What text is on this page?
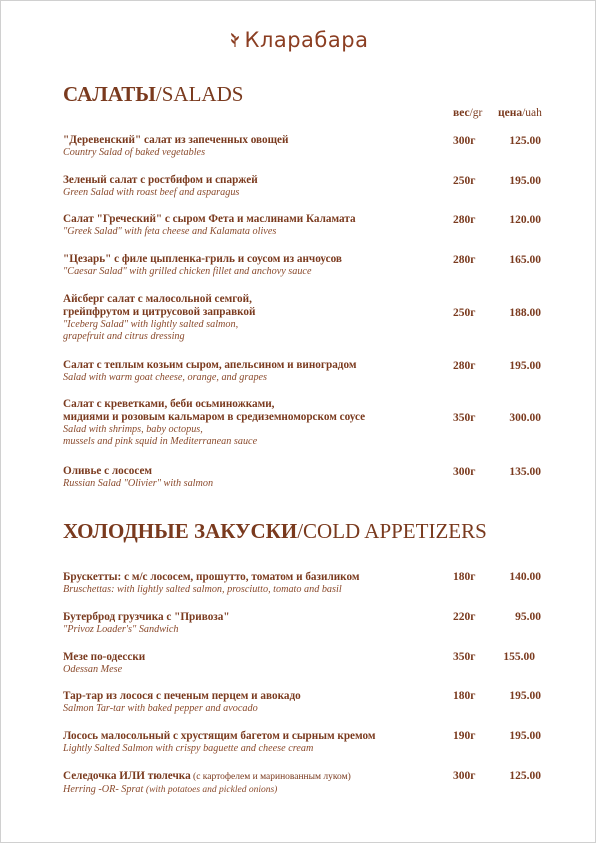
Кларабара
САЛАТЫ/SALADS
вес/gr цена/uah
"Деревенский" салат из запеченных овощей
Country Salad of baked vegetables
300г	125.00
Зеленый салат с ростбифом и спаржей
Green Salad with roast beef and asparagus
250г	195.00
Салат "Греческий" с сыром Фета и маслинами Каламата
"Greek Salad" with feta cheese and Kalamata olives
280г	120.00
"Цезарь" с филе цыпленка-гриль и соусом из анчоусов
"Caesar Salad" with grilled chicken fillet and anchovy sauce
280г	165.00
Айсберг салат с малосольной семгой,
грейпфрутом и цитрусовой заправкой
"Iceberg Salad" with lightly salted salmon,
grapefruit and citrus dressing
250г	188.00
Салат с теплым козьим сыром, апельсином и виноградом
Salad with warm goat cheese, orange, and grapes
280г	195.00
Салат с креветками, беби осьминожками,
мидиями и розовым кальмаром в средиземноморском соусе
Salad with shrimps, baby octopus,
mussels and pink squid in Mediterranean sauce
350г	300.00
Оливье с лососем
Russian Salad "Olivier" with salmon
300г	135.00
ХОЛОДНЫЕ ЗАКУСКИ/COLD APPETIZERS
Брускетты: с м/с лососем, прошутто, томатом и базиликом
Bruschettas: with lightly salted salmon, prosciutto, tomato and basil
180г	140.00
Бутерброд грузчика с "Привоза"
"Privoz Loader's" Sandwich
220г	95.00
Мезе по-одесски
Odessan Mese
350г	155.00
Тар-тар из лосося с печеным перцем и авокадо
Salmon Tar-tar with baked pepper and avocado
180г	195.00
Лосось малосольный с хрустящим багетом и сырным кремом
Lightly Salted Salmon with crispy baguette and cheese cream
190г	195.00
Селедочка ИЛИ тюлечка (с картофелем и маринованным луком)
Herring -OR- Sprat (with potatoes and pickled onions)
300г	125.00
